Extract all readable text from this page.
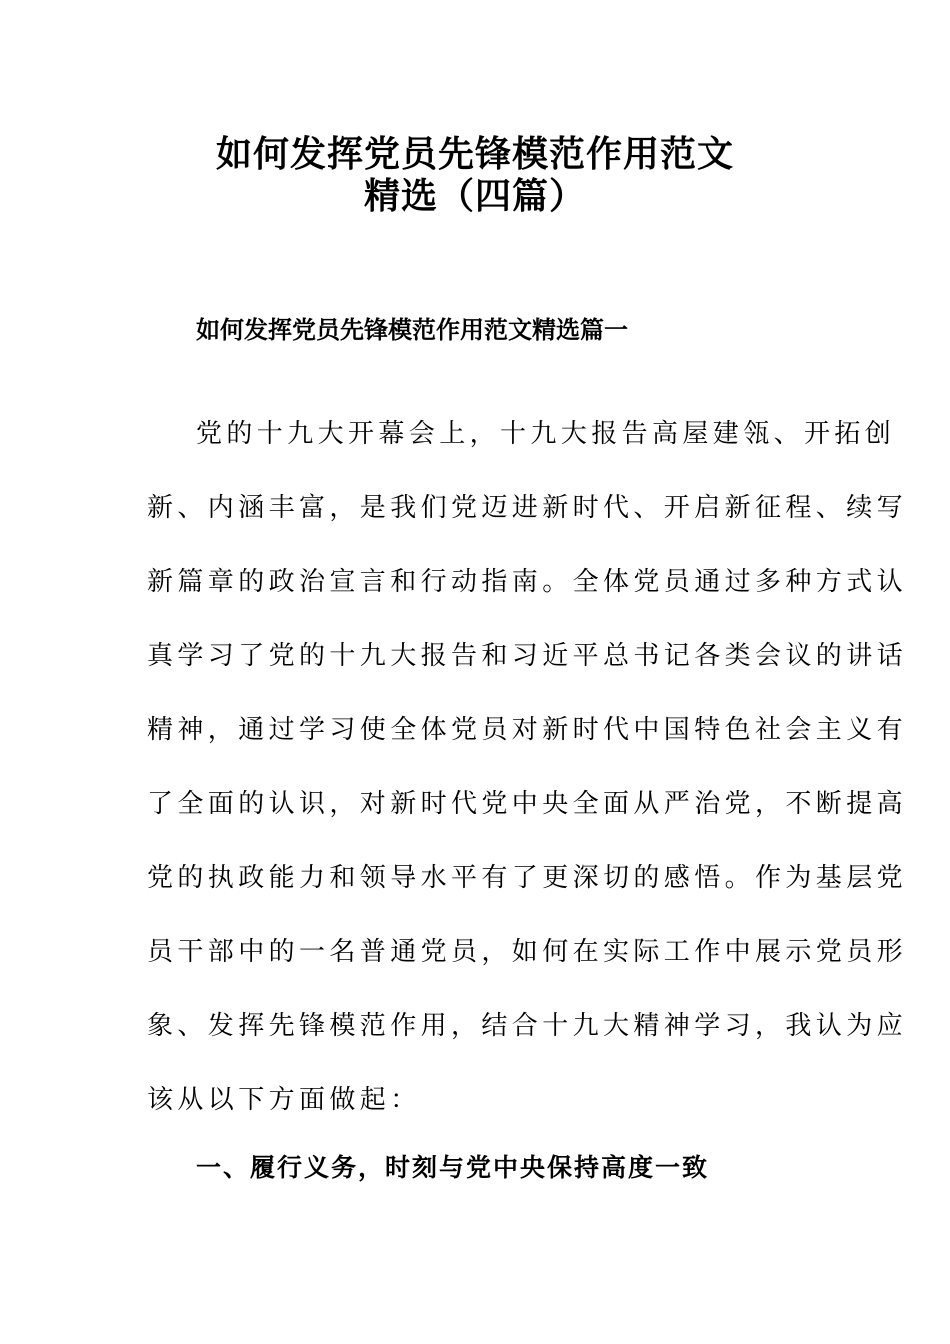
如何发挥党员先锋模范作用范文
精选（四篇）
如何发挥党员先锋模范作用范文精选篇一
党的十九大开幕会上，十九大报告高屋建瓴、开拓创
新、内涵丰富，是我们党迈进新时代、开启新征程、续写
新篇章的政治宣言和行动指南。全体党员通过多种方式认
真学习了党的十九大报告和习近平总书记各类会议的讲话
精神，通过学习使全体党员对新时代中国特色社会主义有
了全面的认识，对新时代党中央全面从严治党，不断提高
党的执政能力和领导水平有了更深切的感悟。作为基层党
员干部中的一名普通党员，如何在实际工作中展示党员形
象、发挥先锋模范作用，结合十九大精神学习，我认为应
该从以下方面做起：
一、履行义务，时刻与党中央保持高度一致
